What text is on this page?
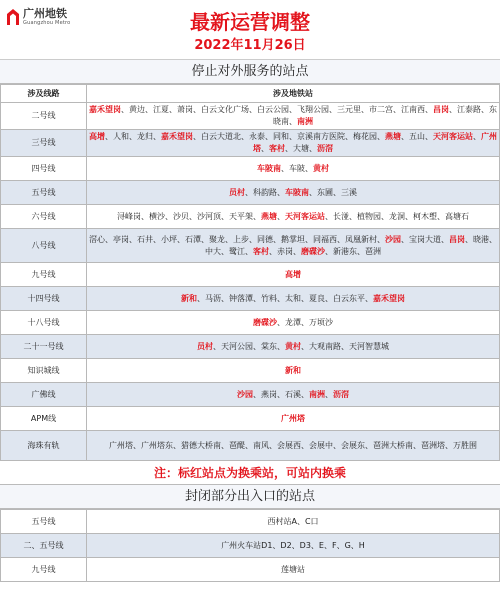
广州地铁
Guangzhou Metro	最新运营调整
2022年11月26日
停止对外服务的站点
涉及线路	涉及地铁站
二号线	嘉禾望岗、黄边、江夏、萧岗、白云文化广场、白云公园、飞翔公园、三元里、市二宫、江南西、昌岗、江泰路、东晓南、南洲
三号线	高增、人和、龙归、嘉禾望岗、白云大道北、永泰、同和、京溪南方医院、梅花园、燕塘、五山、天河客运站、广州塔、客村、大塘、沥滘
四号线	车陂南、车陂、黄村
五号线	员村、科韵路、车陂南、东圃、三溪
六号线	浔峰岗、横沙、沙贝、沙河顶、天平架、燕塘、天河客运站、长湴、植物园、龙洞、柯木塱、高塘石
八号线	滘心、亭岗、石井、小坪、石潭、聚龙、上步、同德、鹅掌坦、同福西、凤凰新村、沙园、宝岗大道、昌岗、晓港、中大、鹭江、客村、赤岗、磨碟沙、新港东、琶洲
九号线	高增
十四号线	新和、马沥、钟落潭、竹料、太和、夏良、白云东平、嘉禾望岗
十八号线	磨碟沙、龙潭、万顷沙
二十一号线	员村、天河公园、棠东、黄村、大观南路、天河智慧城
知识城线	新和
广佛线	沙园、燕岗、石溪、南洲、沥滘
APM线	广州塔
海珠有轨	广州塔、广州塔东、猎德大桥南、琶醍、南风、会展西、会展中、会展东、琶洲大桥南、琶洲塔、万胜围
注：标红站点为换乘站，可站内换乘
封闭部分出入口的站点
五号线	西村站A、C口
二、五号线	广州火车站D1、D2、D3、E、F、G、H
九号线	莲塘站
